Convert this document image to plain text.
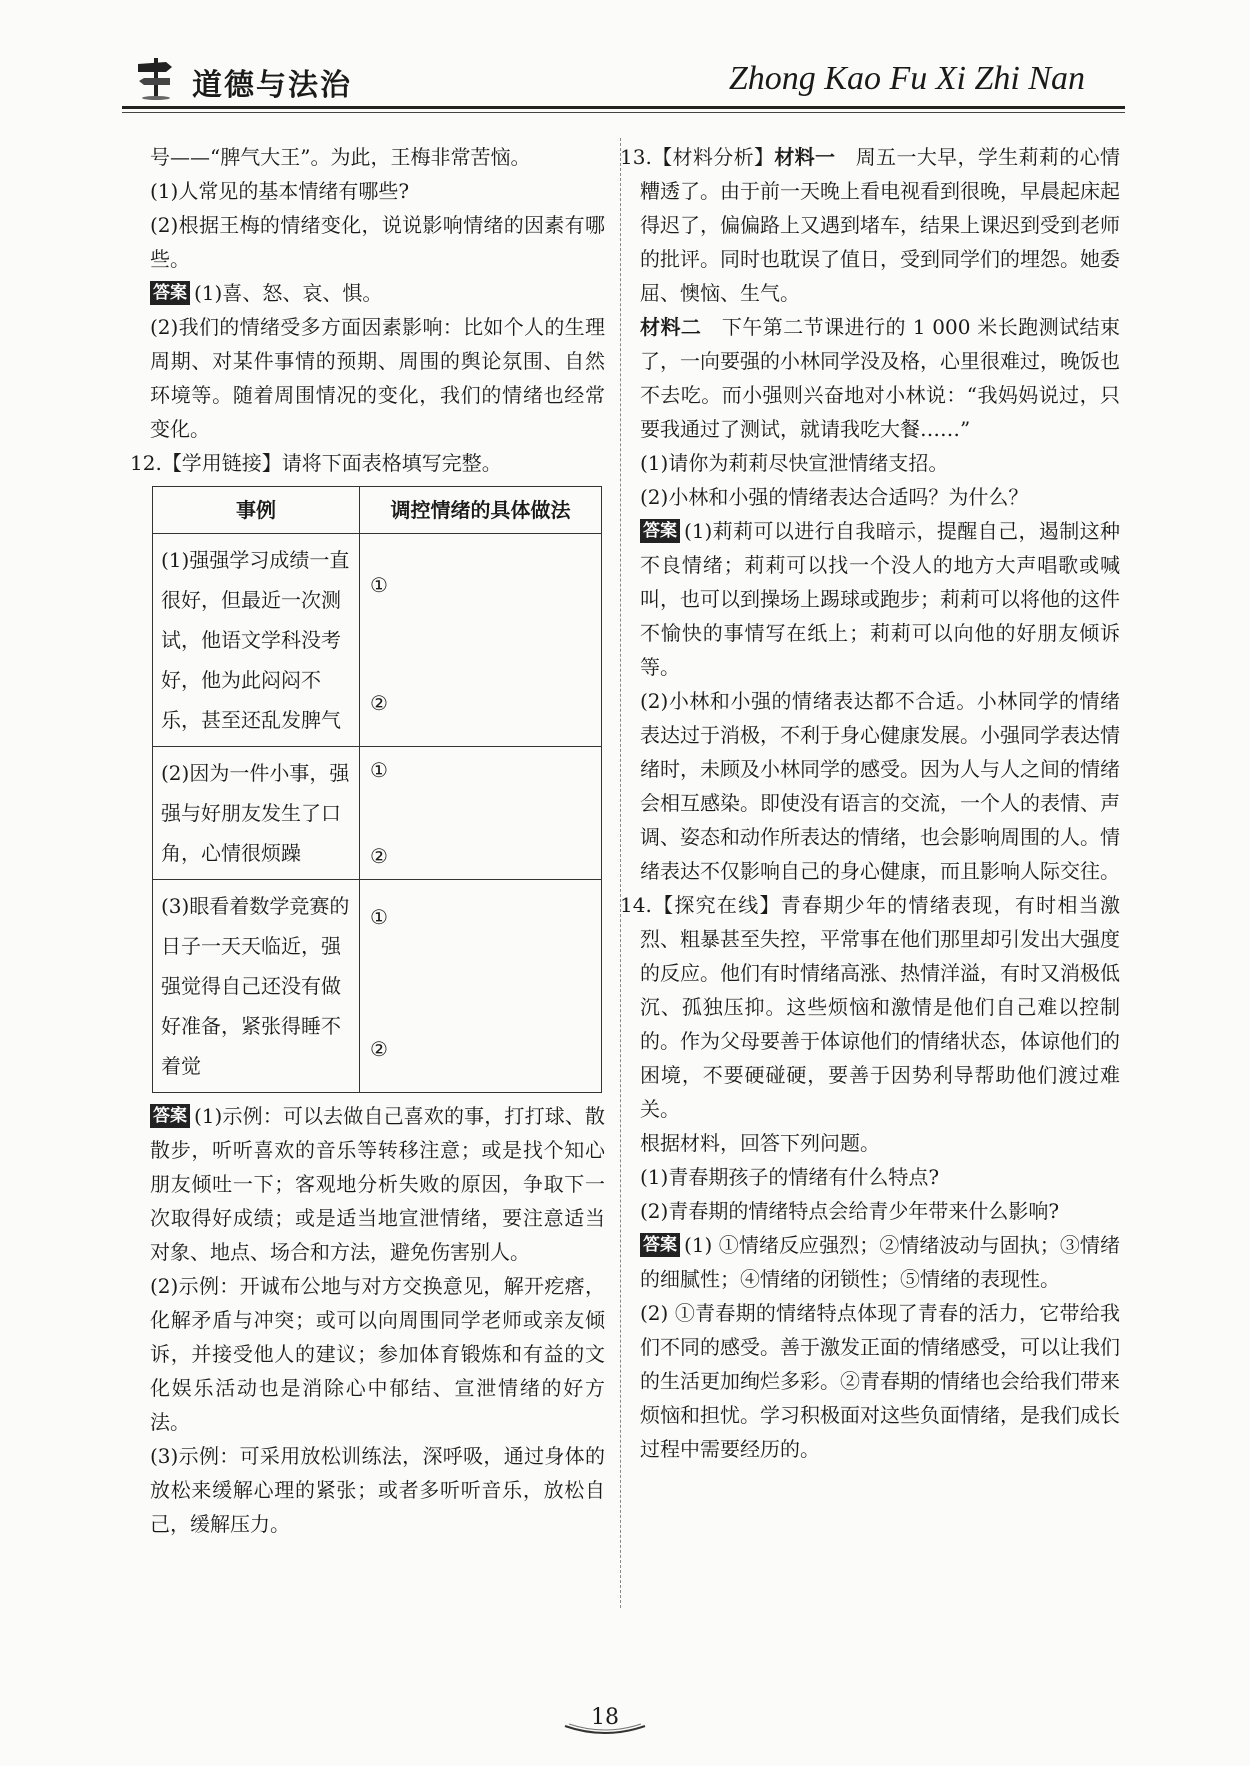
道德与法治	Zhong Kao Fu Xi Zhi Nan

号——“脾气大王”。为此，王梅非常苦恼。

(1)人常见的基本情绪有哪些?

(2)根据王梅的情绪变化，说说影响情绪的因素有哪些。

答案 (1)喜、怒、哀、惧。

(2)我们的情绪受多方面因素影响：比如个人的生理周期、对某件事情的预期、周围的舆论氛围、自然环境等。随着周围情况的变化，我们的情绪也经常变化。

12.【学用链接】请将下面表格填写完整。

事例	调控情绪的具体做法
(1)强强学习成绩一直很好，但最近一次测试，他语文学科没考好，他为此闷闷不乐，甚至还乱发脾气	①
②

(2)因为一件小事，强强与好朋友发生了口角，心情很烦躁	①
②

(3)眼看着数学竞赛的日子一天天临近，强强觉得自己还没有做好准备，紧张得睡不着觉	①
②

答案 (1)示例：可以去做自己喜欢的事，打打球、散散步，听听喜欢的音乐等转移注意；或是找个知心朋友倾吐一下；客观地分析失败的原因，争取下一次取得好成绩；或是适当地宣泄情绪，要注意适当对象、地点、场合和方法，避免伤害别人。

(2)示例：开诚布公地与对方交换意见，解开疙瘩，化解矛盾与冲突；或可以向周围同学老师或亲友倾诉，并接受他人的建议；参加体育锻炼和有益的文化娱乐活动也是消除心中郁结、宣泄情绪的好方法。

(3)示例：可采用放松训练法，深呼吸，通过身体的放松来缓解心理的紧张；或者多听听音乐，放松自己，缓解压力。

13.【材料分析】材料一　周五一大早，学生莉莉的心情糟透了。由于前一天晚上看电视看到很晚，早晨起床起得迟了，偏偏路上又遇到堵车，结果上课迟到受到老师的批评。同时也耽误了值日，受到同学们的埋怨。她委屈、懊恼、生气。

材料二　下午第二节课进行的 1 000 米长跑测试结束了，一向要强的小林同学没及格，心里很难过，晚饭也不去吃。而小强则兴奋地对小林说：“我妈妈说过，只要我通过了测试，就请我吃大餐……”

(1)请你为莉莉尽快宣泄情绪支招。

(2)小林和小强的情绪表达合适吗？为什么？

答案 (1)莉莉可以进行自我暗示，提醒自己，遏制这种不良情绪；莉莉可以找一个没人的地方大声唱歌或喊叫，也可以到操场上踢球或跑步；莉莉可以将他的这件不愉快的事情写在纸上；莉莉可以向他的好朋友倾诉等。

(2)小林和小强的情绪表达都不合适。小林同学的情绪表达过于消极，不利于身心健康发展。小强同学表达情绪时，未顾及小林同学的感受。因为人与人之间的情绪会相互感染。即使没有语言的交流，一个人的表情、声调、姿态和动作所表达的情绪，也会影响周围的人。情绪表达不仅影响自己的身心健康，而且影响人际交往。

14.【探究在线】青春期少年的情绪表现，有时相当激烈、粗暴甚至失控，平常事在他们那里却引发出大强度的反应。他们有时情绪高涨、热情洋溢，有时又消极低沉、孤独压抑。这些烦恼和激情是他们自己难以控制的。作为父母要善于体谅他们的情绪状态，体谅他们的困境，不要硬碰硬，要善于因势利导帮助他们渡过难关。

根据材料，回答下列问题。

(1)青春期孩子的情绪有什么特点?

(2)青春期的情绪特点会给青少年带来什么影响?

答案 (1) ①情绪反应强烈；②情绪波动与固执；③情绪的细腻性；④情绪的闭锁性；⑤情绪的表现性。

(2) ①青春期的情绪特点体现了青春的活力，它带给我们不同的感受。善于激发正面的情绪感受，可以让我们的生活更加绚烂多彩。②青春期的情绪也会给我们带来烦恼和担忧。学习积极面对这些负面情绪，是我们成长过程中需要经历的。

18
